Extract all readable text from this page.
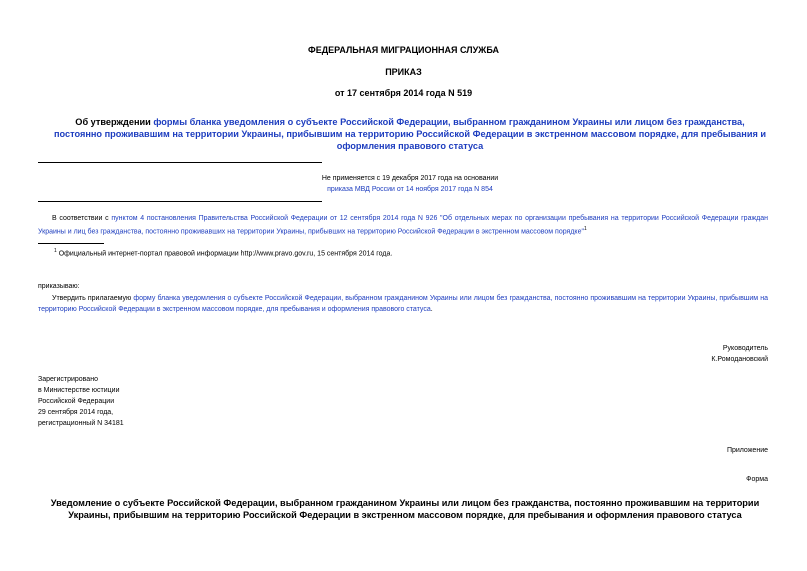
ФЕДЕРАЛЬНАЯ МИГРАЦИОННАЯ СЛУЖБА
ПРИКАЗ
от 17 сентября 2014 года N 519
Об утверждении формы бланка уведомления о субъекте Российской Федерации, выбранном гражданином Украины или лицом без гражданства, постоянно проживавшим на территории Украины, прибывшим на территорию Российской Федерации в экстренном массовом порядке, для пребывания и оформления правового статуса
Не применяется с 19 декабря 2017 года на основании
приказа МВД России от 14 ноября 2017 года N 854
В соответствии с пунктом 4 постановления Правительства Российской Федерации от 12 сентября 2014 года N 926 "Об отдельных мерах по организации пребывания на территории Российской Федерации граждан Украины и лиц без гражданства, постоянно проживавших на территории Украины, прибывших на территорию Российской Федерации в экстренном массовом порядке"$^1$
$^1$ Официальный интернет-портал правовой информации http://www.pravo.gov.ru, 15 сентября 2014 года.
приказываю:
Утвердить прилагаемую форму бланка уведомления о субъекте Российской Федерации, выбранном гражданином Украины или лицом без гражданства, постоянно проживавшим на территории Украины, прибывшим на территорию Российской Федерации в экстренном массовом порядке, для пребывания и оформления правового статуса.
Руководитель
К.Ромодановский
Зарегистрировано
в Министерстве юстиции
Российской Федерации
29 сентября 2014 года,
регистрационный N 34181
Приложение
Форма
Уведомление о субъекте Российской Федерации, выбранном гражданином Украины или лицом без гражданства, постоянно проживавшим на территории Украины, прибывшим на территорию Российской Федерации в экстренном массовом порядке, для пребывания и оформления правового статуса
